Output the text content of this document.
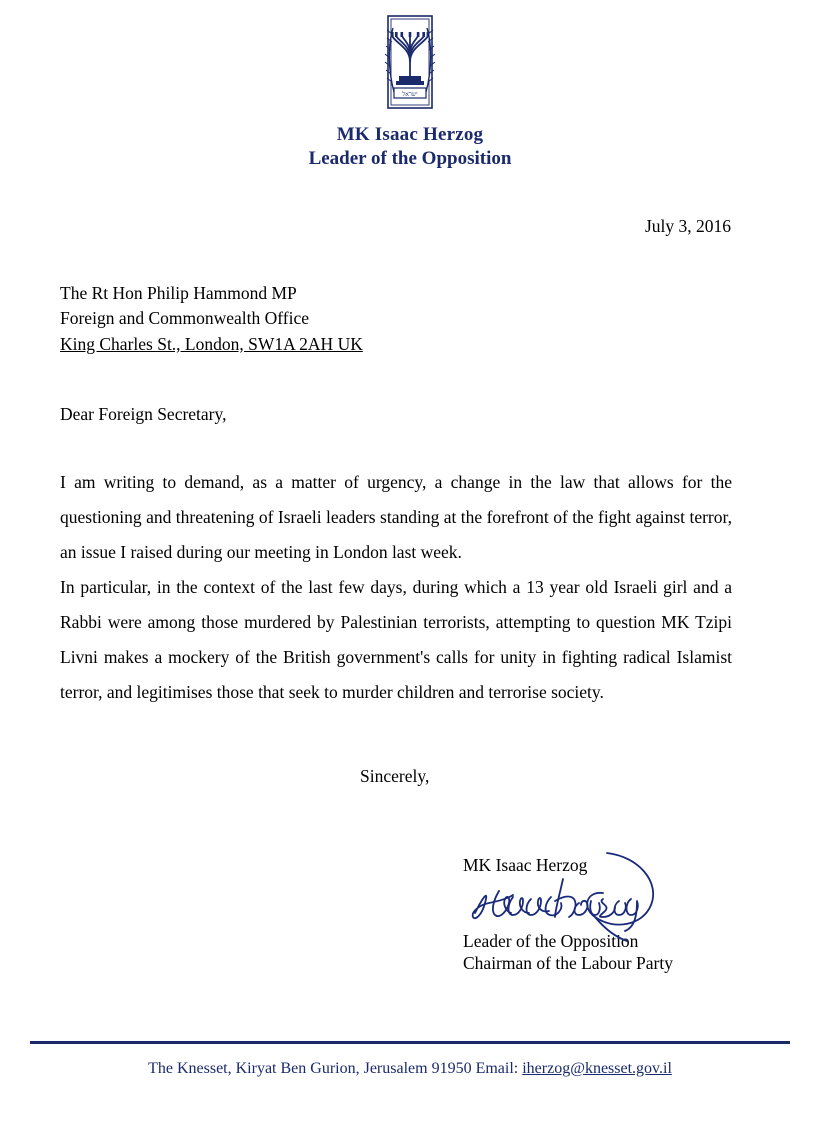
ישראל
MK Isaac Herzog
Leader of the Opposition
July 3, 2016
The Rt Hon Philip Hammond MP
Foreign and Commonwealth Office
King Charles St., London, SW1A 2AH UK
Dear Foreign Secretary,
I am writing to demand, as a matter of urgency, a change in the law that allows for the questioning and threatening of Israeli leaders standing at the forefront of the fight against terror, an issue I raised during our meeting in London last week.
In particular, in the context of the last few days, during which a 13 year old Israeli girl and a Rabbi were among those murdered by Palestinian terrorists, attempting to question MK Tzipi Livni makes a mockery of the British government's calls for unity in fighting radical Islamist terror, and legitimises those that seek to murder children and terrorise society.
Sincerely,
MK Isaac Herzog
Leader of the Opposition
Chairman of the Labour Party
The Knesset, Kiryat Ben Gurion, Jerusalem 91950 Email: iherzog@knesset.gov.il
